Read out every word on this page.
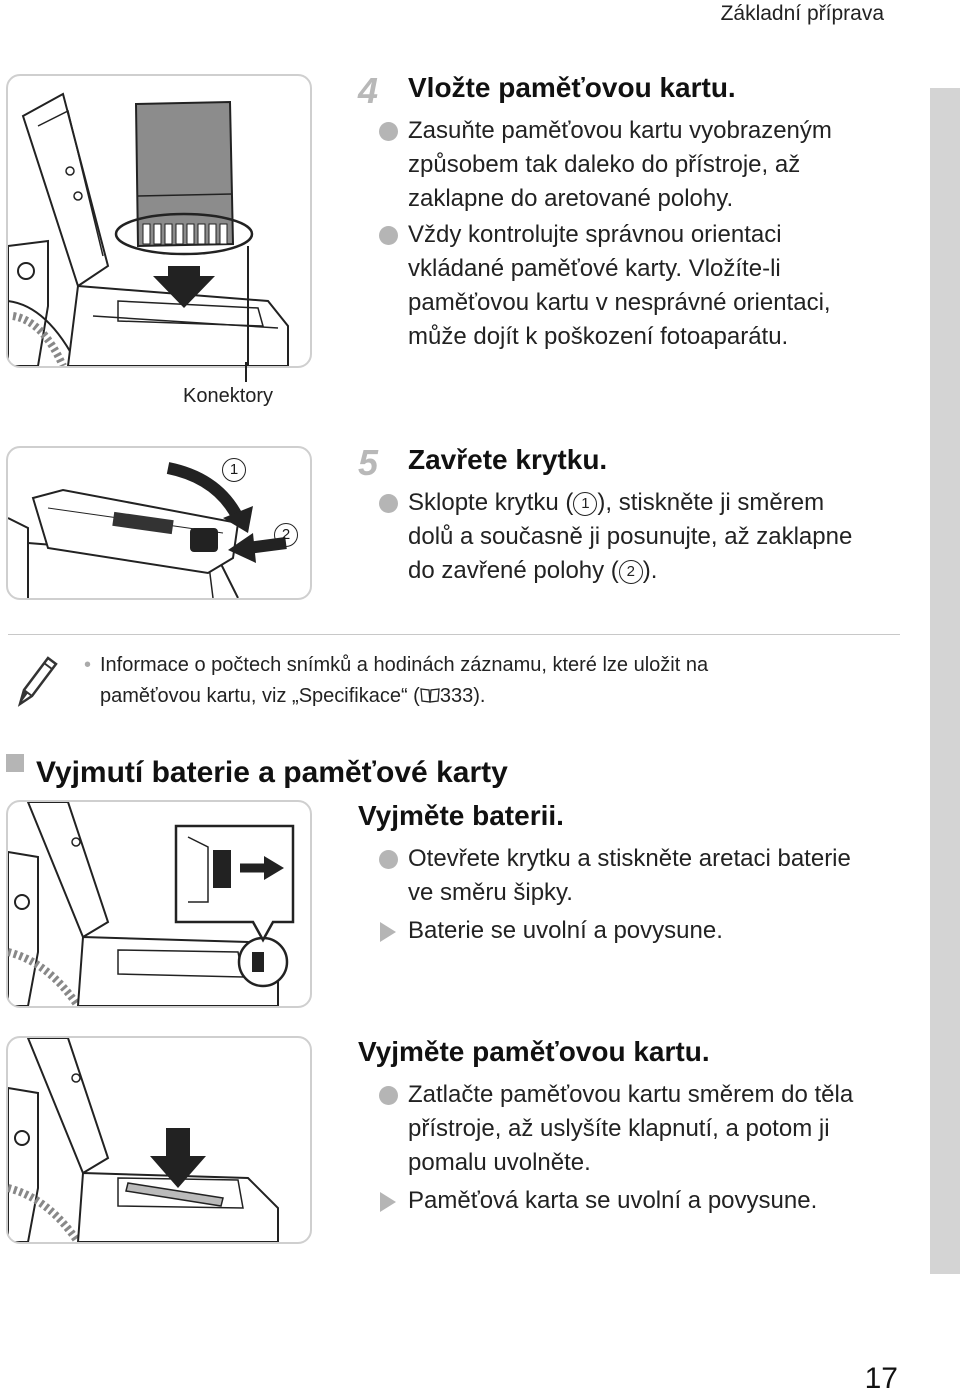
Základní příprava
Konektory
1
2
4 Vložte paměťovou kartu.
Zasuňte paměťovou kartu vyobrazeným
způsobem tak daleko do přístroje, až
zaklapne do aretované polohy.
Vždy kontrolujte správnou orientaci
vkládané paměťové karty. Vložíte-li
paměťovou kartu v nesprávné orientaci,
může dojít k poškození fotoaparátu.
5 Zavřete krytku.
Sklopte krytku ( 1 ), stiskněte ji směrem
dolů a současně ji posunujte, až zaklapne
do zavřené polohy ( 2 ).
• Informace o počtech snímků a hodinách záznamu, které lze uložit na
paměťovou kartu, viz „Specifikace“ ( 333).
Vyjmutí baterie a paměťové karty
Vyjměte baterii.
Otevřete krytku a stiskněte aretaci baterie
ve směru šipky.
Baterie se uvolní a povysune.
Vyjměte paměťovou kartu.
Zatlačte paměťovou kartu směrem do těla
přístroje, až uslyšíte klapnutí, a potom ji
pomalu uvolněte.
Paměťová karta se uvolní a povysune.
17
